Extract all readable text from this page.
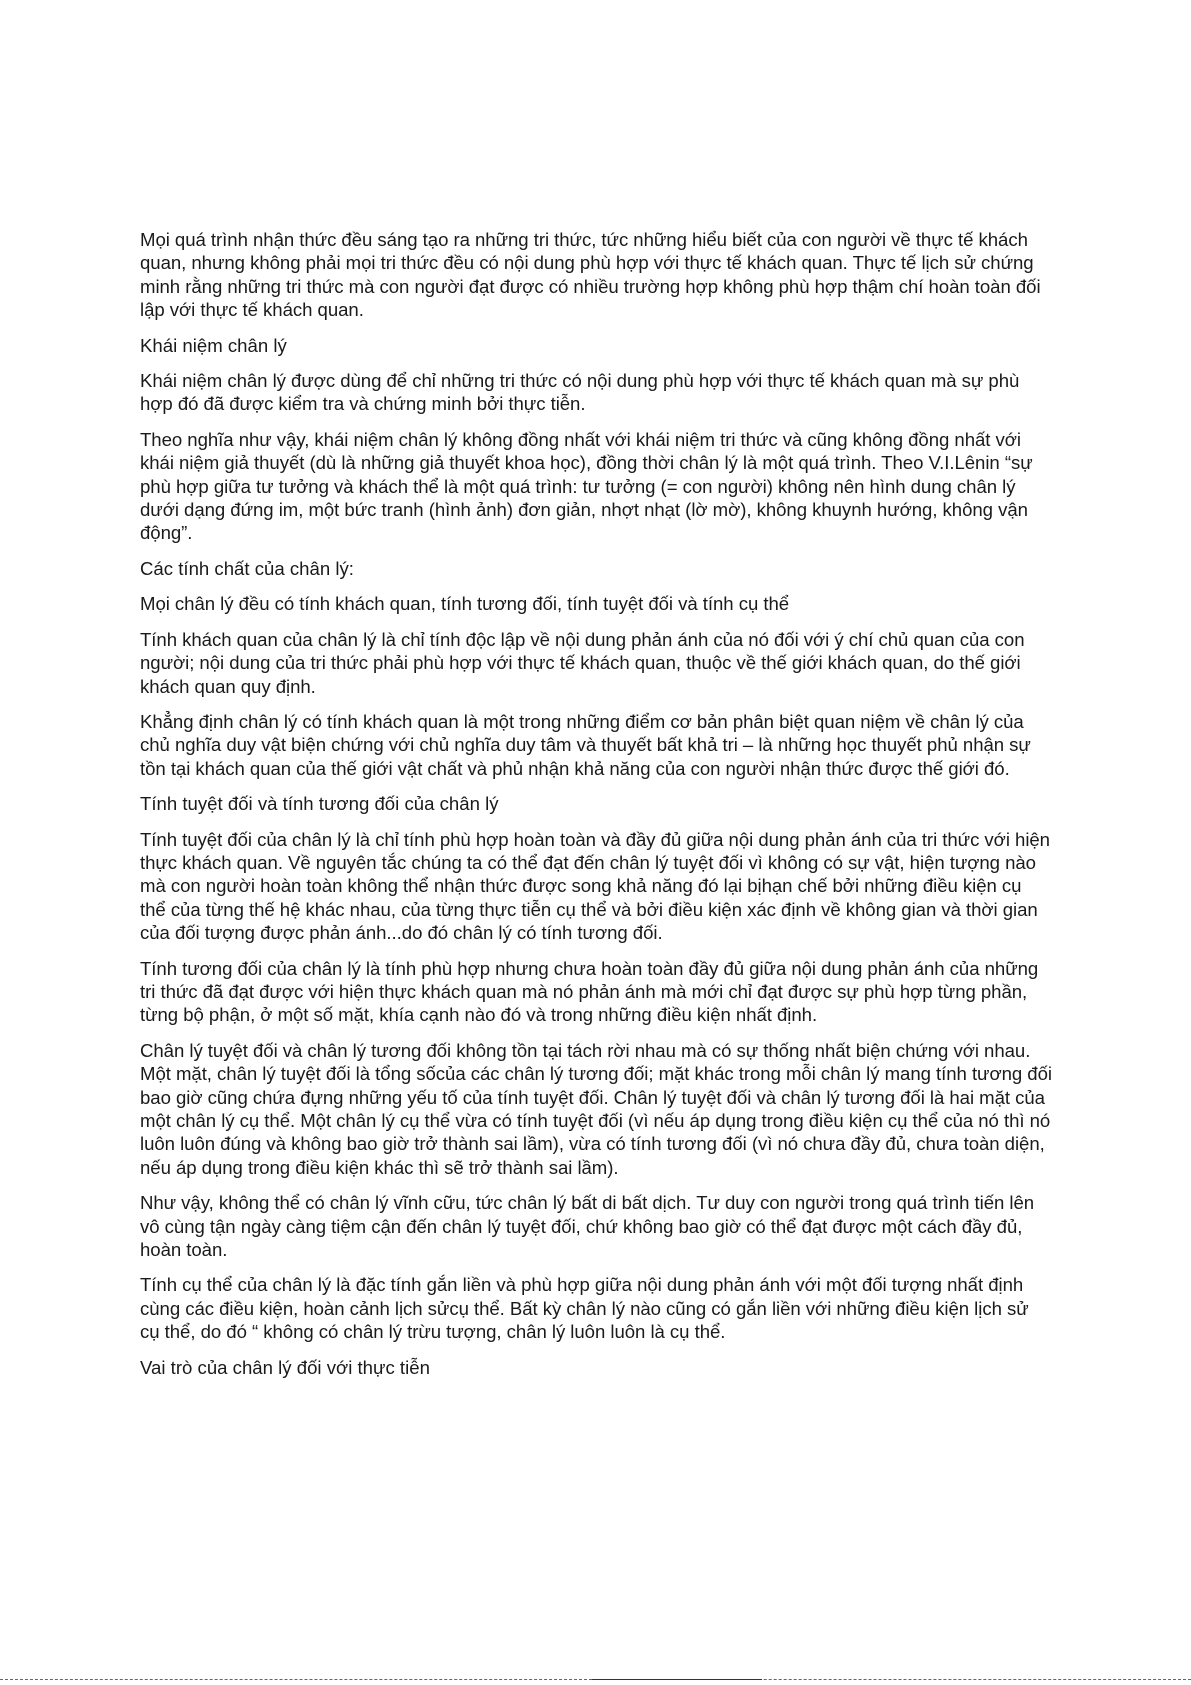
Mọi quá trình nhận thức đều sáng tạo ra những tri thức, tức những hiểu biết của con người về thực tế khách quan, nhưng không phải mọi tri thức đều có nội dung phù hợp với thực tế khách quan. Thực tế lịch sử chứng minh rằng những tri thức mà con người đạt được có nhiều trường hợp không phù hợp thậm chí hoàn toàn đối lập với thực tế khách quan.

Khái niệm chân lý

Khái niệm chân lý được dùng để chỉ những tri thức có nội dung phù hợp với thực tế khách quan mà sự phù hợp đó đã được kiểm tra và chứng minh bởi thực tiễn.

Theo nghĩa như vậy, khái niệm chân lý không đồng nhất với khái niệm tri thức và cũng không đồng nhất với khái niệm giả thuyết (dù là những giả thuyết khoa học), đồng thời chân lý là một quá trình. Theo V.I.Lênin “sự phù hợp giữa tư tưởng và khách thể là một quá trình: tư tưởng (= con người) không nên hình dung chân lý dưới dạng đứng im, một bức tranh (hình ảnh) đơn giản, nhợt nhạt (lờ mờ), không khuynh hướng, không vận động”.

Các tính chất của chân lý:

Mọi chân lý đều có tính khách quan, tính tương đối, tính tuyệt đối và tính cụ thể

Tính khách quan của chân lý là chỉ tính độc lập về nội dung phản ánh của nó đối với ý chí chủ quan của con người; nội dung của tri thức phải phù hợp với thực tế khách quan, thuộc về thế giới khách quan, do thế giới khách quan quy định.

Khẳng định chân lý có tính khách quan là một trong những điểm cơ bản phân biệt quan niệm về chân lý của chủ nghĩa duy vật biện chứng với chủ nghĩa duy tâm và thuyết bất khả tri – là những học thuyết phủ nhận sự tồn tại khách quan của thế giới vật chất và phủ nhận khả năng của con người nhận thức được thế giới đó.

Tính tuyệt đối và tính tương đối của chân lý

Tính tuyệt đối của chân lý là chỉ tính phù hợp hoàn toàn và đầy đủ giữa nội dung phản ánh của tri thức với hiện thực khách quan. Về nguyên tắc chúng ta có thể đạt đến chân lý tuyệt đối vì không có sự vật, hiện tượng nào mà con người hoàn toàn không thể nhận thức được song khả năng đó lại bịhạn chế bởi những điều kiện cụ thể của từng thế hệ khác nhau, của từng thực tiễn cụ thể và bởi điều kiện xác định về không gian và thời gian của đối tượng được phản ánh...do đó chân lý có tính tương đối.

Tính tương đối của chân lý là tính phù hợp nhưng chưa hoàn toàn đầy đủ giữa nội dung phản ánh của những tri thức đã đạt được với hiện thực khách quan mà nó phản ánh mà mới chỉ đạt được sự phù hợp từng phần, từng bộ phận, ở một số mặt, khía cạnh nào đó và trong những điều kiện nhất định.

Chân lý tuyệt đối và chân lý tương đối không tồn tại tách rời nhau mà có sự thống nhất biện chứng với nhau. Một mặt, chân lý tuyệt đối là tổng sốcủa các chân lý tương đối; mặt khác trong mỗi chân lý mang tính tương đối bao giờ cũng chứa đựng những yếu tố của tính tuyệt đối. Chân lý tuyệt đối và chân lý tương đối là hai mặt của một chân lý cụ thể. Một chân lý cụ thể vừa có tính tuyệt đối (vì nếu áp dụng trong điều kiện cụ thể của nó thì nó luôn luôn đúng và không bao giờ trở thành sai lầm), vừa có tính tương đối (vì nó chưa đầy đủ, chưa toàn diện, nếu áp dụng trong điều kiện khác thì sẽ trở thành sai lầm).

Như vậy, không thể có chân lý vĩnh cữu, tức chân lý bất di bất dịch. Tư duy con người trong quá trình tiến lên vô cùng tận ngày càng tiệm cận đến chân lý tuyệt đối, chứ không bao giờ có thể đạt được một cách đầy đủ, hoàn toàn.

Tính cụ thể của chân lý là đặc tính gắn liền và phù hợp giữa nội dung phản ánh với một đối tượng nhất định cùng các điều kiện, hoàn cảnh lịch sửcụ thể. Bất kỳ chân lý nào cũng có gắn liền với những điều kiện lịch sử cụ thể, do đó “ không có chân lý trừu tượng, chân lý luôn luôn là cụ thể.

Vai trò của chân lý đối với thực tiễn
